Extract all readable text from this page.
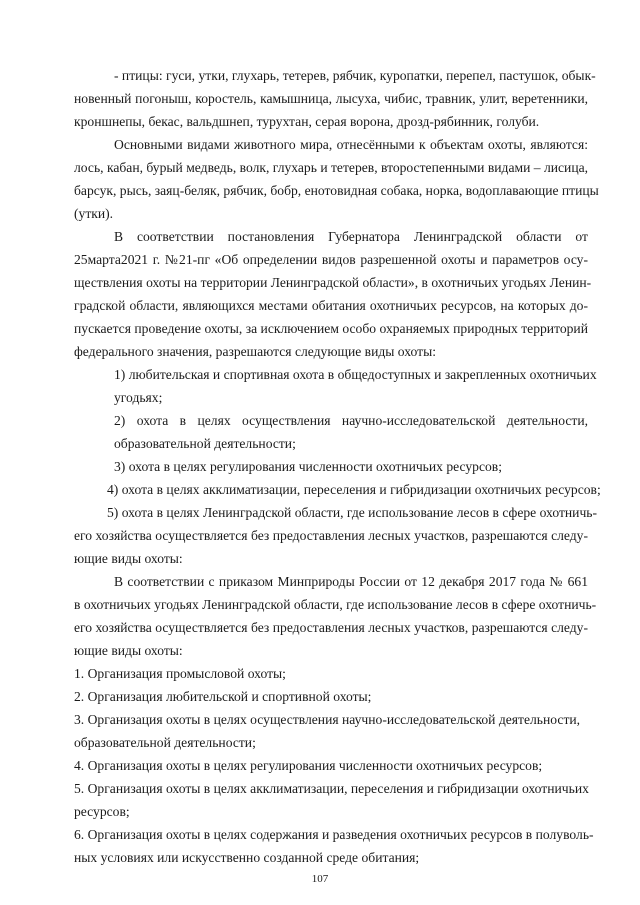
- птицы: гуси, утки, глухарь, тетерев, рябчик, куропатки, перепел, пастушок, обык-

новенный погоныш, коростель, камышница, лысуха, чибис, травник, улит, веретенники,

кроншнепы, бекас, вальдшнеп, турухтан, серая ворона, дрозд-рябинник, голуби.

Основными видами животного мира, отнесёнными к объектам охоты, являются:

лось, кабан, бурый медведь, волк, глухарь и тетерев, второстепенными видами – лисица,

барсук, рысь, заяц-беляк, рябчик, бобр, енотовидная собака, норка, водоплавающие птицы

(утки).

В соответствии постановления Губернатора Ленинградской области от

25марта2021 г. №21-пг «Об определении видов разрешенной охоты и параметров осу-

ществления охоты на территории Ленинградской области», в охотничьих угодьях Ленин-

градской области, являющихся местами обитания охотничьих ресурсов, на которых до-

пускается проведение охоты, за исключением особо охраняемых природных территорий

федерального значения, разрешаются следующие виды охоты:

1) любительская и спортивная охота в общедоступных и закрепленных охотничьих

угодьях;

2) охота в целях осуществления научно-исследовательской деятельности,

образовательной деятельности;

3) охота в целях регулирования численности охотничьих ресурсов;

4) охота в целях акклиматизации, переселения и гибридизации охотничьих ресурсов;

5) охота в целях Ленинградской области, где использование лесов в сфере охотничь-

его хозяйства осуществляется без предоставления лесных участков, разрешаются следу-

ющие виды охоты:

В соответствии с приказом Минприроды России от 12 декабря 2017 года № 661

в охотничьих угодьях Ленинградской области, где использование лесов в сфере охотничь-

его хозяйства осуществляется без предоставления лесных участков, разрешаются следу-

ющие виды охоты:

1. Организация промысловой охоты;

2. Организация любительской и спортивной охоты;

3. Организация охоты в целях осуществления научно-исследовательской деятельности,

образовательной деятельности;

4. Организация охоты в целях регулирования численности охотничьих ресурсов;

5. Организация охоты в целях акклиматизации, переселения и гибридизации охотничьих

ресурсов;

6. Организация охоты в целях содержания и разведения охотничьих ресурсов в полуволь-

ных условиях или искусственно созданной среде обитания;

107
